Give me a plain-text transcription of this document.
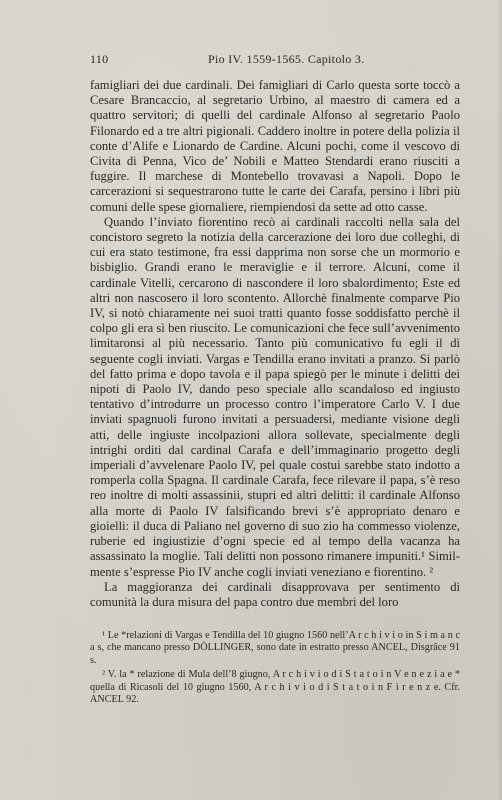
110	Pio IV. 1559-1565. Capitolo 3.

famigliari dei due cardinali. Dei famigliari di Carlo questa sorte toccò a Cesare Brancaccio, al segretario Urbino, al maestro di camera ed a quattro servitori; di quelli del cardinale Alfonso al segretario Paolo Filonardo ed a tre altri pigionali. Caddero inoltre in potere della polizia il conte d’Alife e Lionardo de Cardine. Alcuni pochi, come il vescovo di Civita di Penna, Vico de’ Nobili e Matteo Stendardi erano riusciti a fuggire. Il marchese di Montebello trovavasi a Napoli. Dopo le carcerazioni si sequestrarono tutte le carte dei Carafa, persino i libri più comuni delle spese giornaliere, riempiendosi da sette ad otto casse.

Quando l’inviato fiorentino recò ai cardinali raccolti nella sala del concistoro segreto la notizia della carcerazione dei loro due colleghi, di cui era stato testimone, fra essi dapprima non sorse che un mormorio e bisbiglio. Grandi erano le meraviglie e il terrore. Alcuni, come il cardinale Vitelli, cercarono di nascondere il loro sbalordimento; Este ed altri non nascosero il loro scontento. Allorchè finalmente comparve Pio IV, si notò chiaramente nei suoi tratti quanto fosse soddisfatto perchè il colpo gli era sì ben riuscito. Le comunicazioni che fece sull’avvenimento limitaronsi al più necessario. Tanto più comunicativo fu egli il dì seguente cogli inviati. Vargas e Tendilla erano invitati a pranzo. Si parlò del fatto prima e dopo tavola e il papa spiegò per le minute i delitti dei nipoti di Paolo IV, dando peso speciale allo scandaloso ed ingiusto tentativo d’introdurre un processo contro l’imperatore Carlo V. I due inviati spagnuoli furono invitati a persuadersi, mediante visione degli atti, delle ingiuste incolpazioni allora sollevate, specialmente degli intrighi orditi dal cardinal Carafa e dell’immaginario progetto degli imperiali d’avvelenare Paolo IV, pel quale costui sarebbe stato indotto a romperla colla Spagna. Il cardinale Carafa, fece rilevare il papa, s’è reso reo inoltre di molti assassinii, stupri ed altri delitti: il cardinale Alfonso alla morte di Paolo IV falsificando brevi s’è appropriato denaro e gioielli: il duca di Paliano nel governo di suo zio ha commesso violenze, ruberie ed ingiustizie d’ogni specie ed al tempo della vacanza ha assassinato la moglie. Tali delitti non possono rimanere impuniti.¹ Similmente s’espresse Pio IV anche cogli inviati veneziano e fiorentino. ²

La maggioranza dei cardinali disapprovava per sentimento di comunità la dura misura del papa contro due membri del loro

¹ Le *relazioni di Vargas e Tendilla del 10 giugno 1560 nell’A r c h i v i o in S i m a n c a s, che mancano presso DÖLLINGER, sono date in estratto presso ANCEL, Disgrâce 91 s.

² V. la * relazione di Mula dell’8 giugno, A r c h i v i o d i S t a t o i n V e n e z i a e * quella di Ricasoli del 10 giugno 1560, A r c h i v i o d i S t a t o i n F i r e n z e. Cfr. ANCEL 92.
